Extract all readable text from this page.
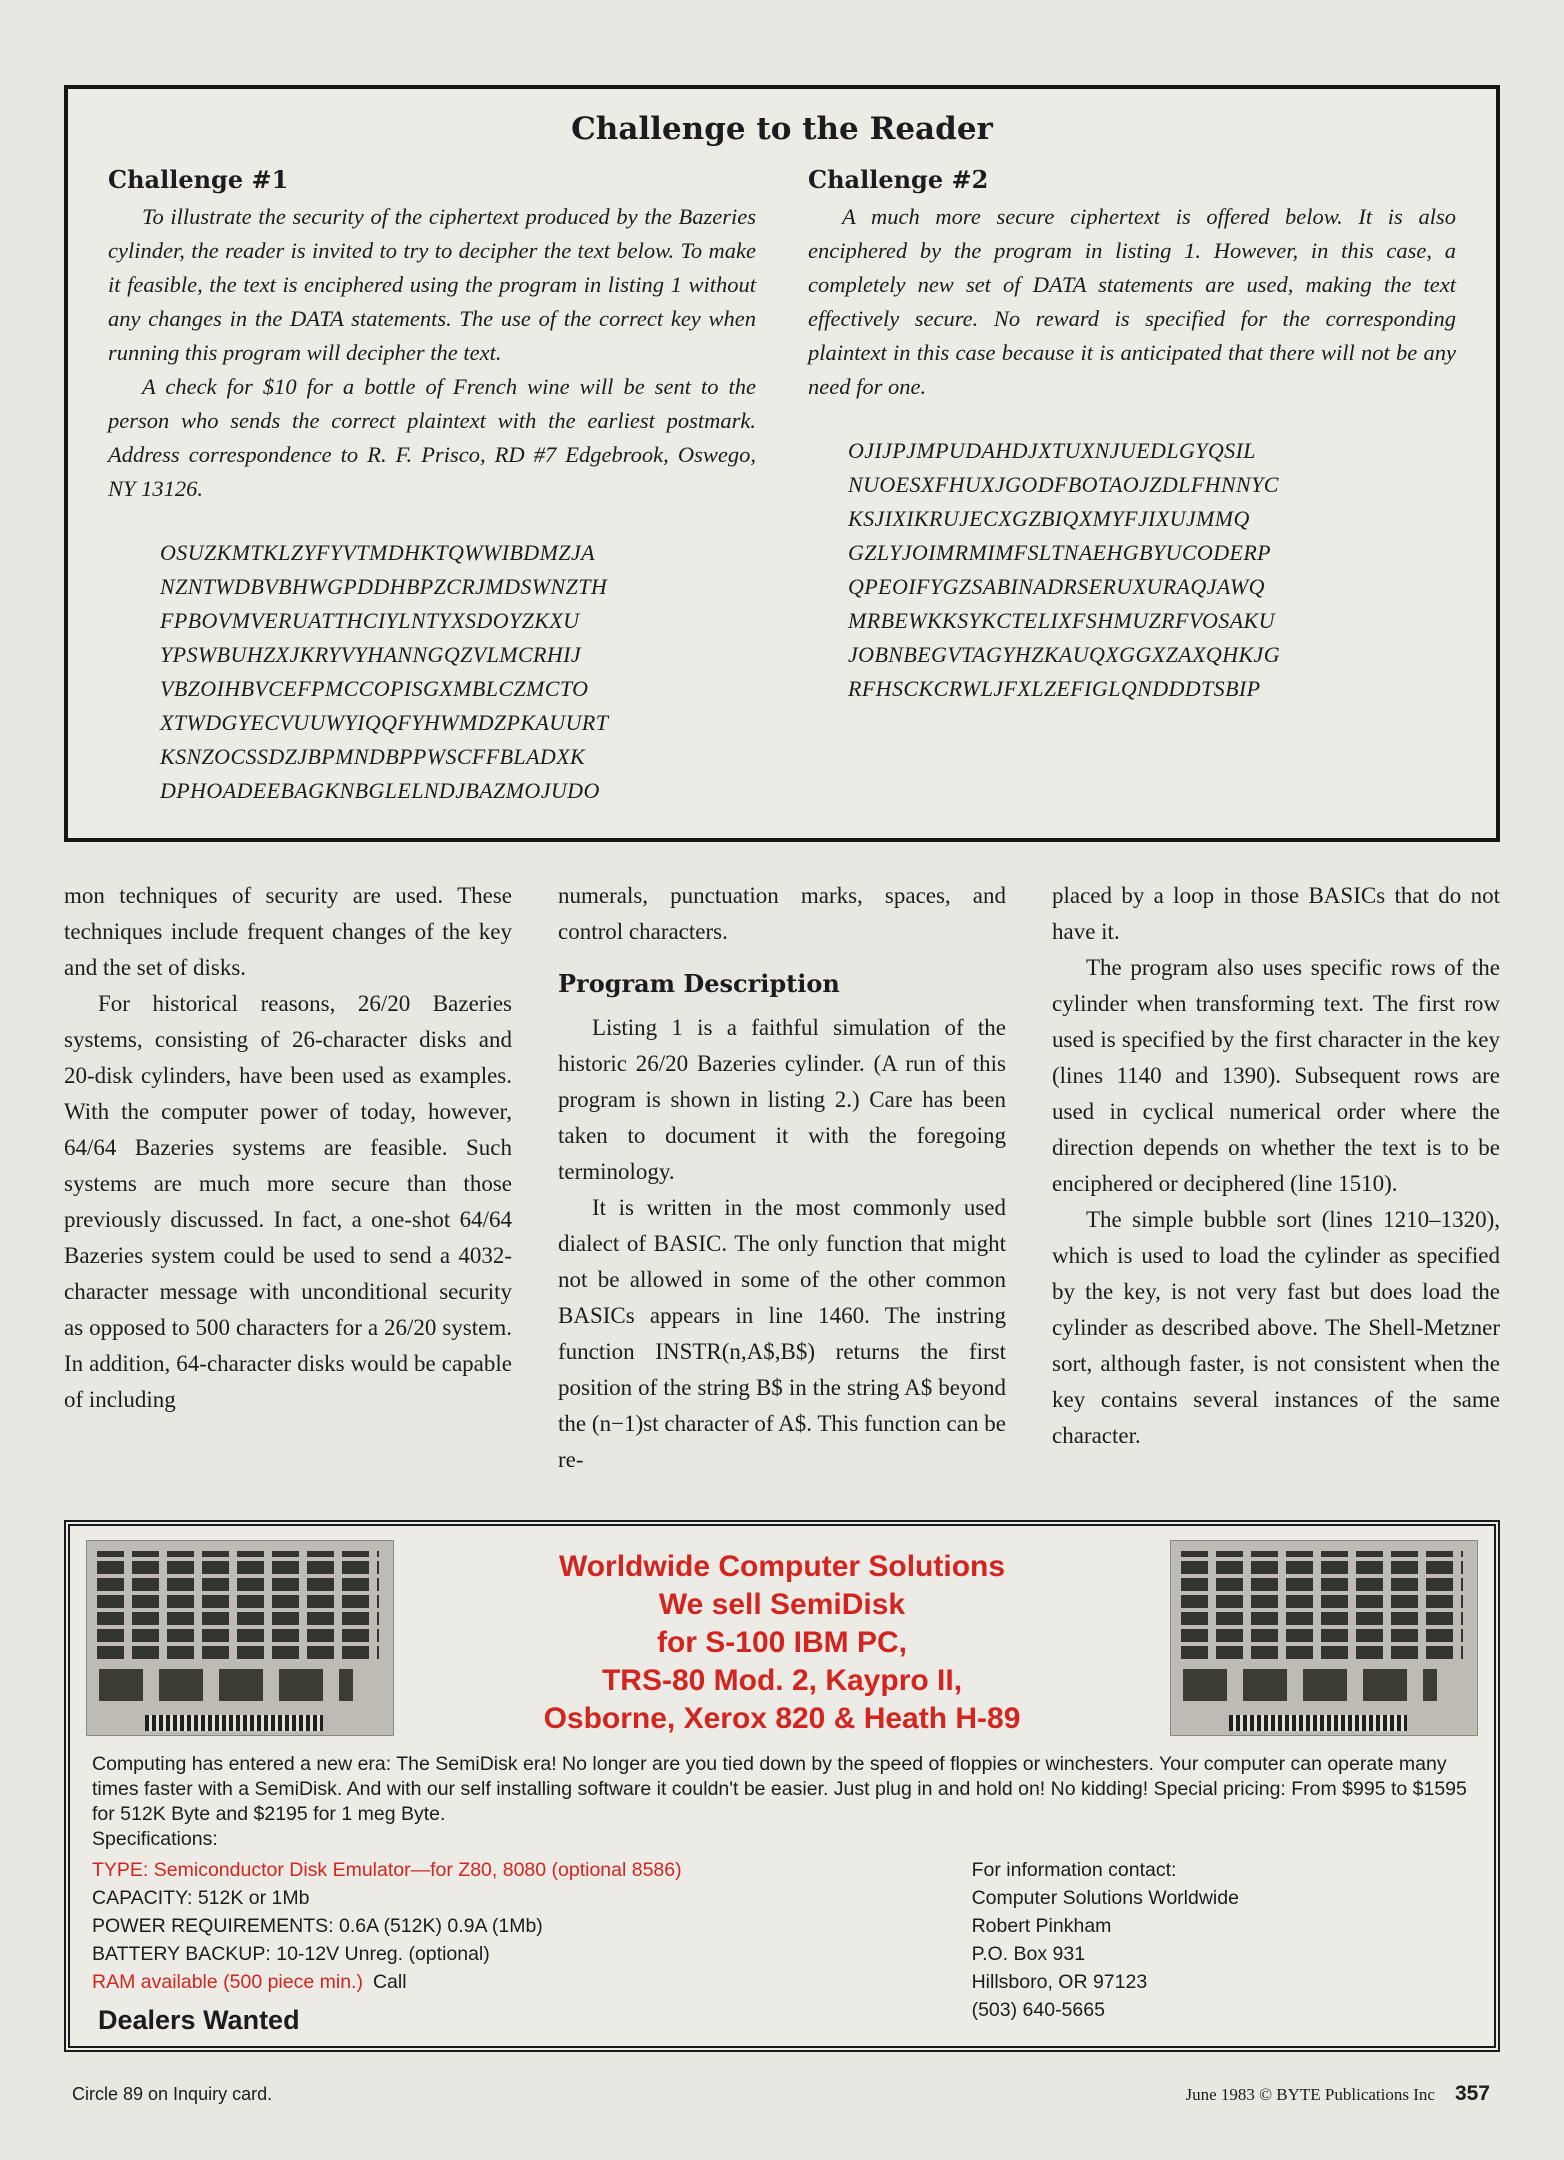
Challenge to the Reader
Challenge #1
To illustrate the security of the ciphertext produced by the Bazeries cylinder, the reader is invited to try to decipher the text below. To make it feasible, the text is enciphered using the program in listing 1 without any changes in the DATA statements. The use of the correct key when running this program will decipher the text.
A check for $10 for a bottle of French wine will be sent to the person who sends the correct plaintext with the earliest postmark. Address correspondence to R. F. Prisco, RD #7 Edgebrook, Oswego, NY 13126.
OSUZKMTKLZYFYVTMDHKTQWWIBDMZJA
NZNTWDBVBHWGPDDHBPZCRJMDSWNZTH
FPBOVMVERUATTHCIYLNTYXSDOYZKXU
YPSWBUHZXJKRYVYHANNGQZVLMCRHIJ
VBZOIHBVCEFPMCCOPISGXMBLCZMCTO
XTWDGYECVUUWYIQQFYHWMDZPKAUURT
KSNZOCSSDZJBPMNDBPPWSCFFBLADXK
DPHOADEEBAGKNBGLELNDJBAZMOJUDO
Challenge #2
A much more secure ciphertext is offered below. It is also enciphered by the program in listing 1. However, in this case, a completely new set of DATA statements are used, making the text effectively secure. No reward is specified for the corresponding plaintext in this case because it is anticipated that there will not be any need for one.
OJIJPJMPUDAHDJXTUXNJUEDLGYQSIL
NUOESXFHUXJGODFBOTAOJZDLFHNNYC
KSJIXIKRUJECXGZBIQXMYFJIXUJMMQ
GZLYJOIMRMIMFSLTNAEHGBYUCODERP
QPEOIFYGZSABINADRSERUXURAQJAWQ
MRBEWKKSYKCTELIXFSHMUZRFVOSAKU
JOBNBEGVTAGYHZKAUQXGGXZAXQHKJG
RFHSCKCRWLJFXLZEFIGLQNDDDTSBIP

mon techniques of security are used. These techniques include frequent changes of the key and the set of disks.

For historical reasons, 26/20 Bazeries systems, consisting of 26-character disks and 20-disk cylinders, have been used as examples. With the computer power of today, however, 64/64 Bazeries systems are feasible. Such systems are much more secure than those previously discussed. In fact, a one-shot 64/64 Bazeries system could be used to send a 4032-character message with unconditional security as opposed to 500 characters for a 26/20 system. In addition, 64-character disks would be capable of including

numerals, punctuation marks, spaces, and control characters.

Program Description

Listing 1 is a faithful simulation of the historic 26/20 Bazeries cylinder. (A run of this program is shown in listing 2.) Care has been taken to document it with the foregoing terminology.

It is written in the most commonly used dialect of BASIC. The only function that might not be allowed in some of the other common BASICs appears in line 1460. The instring function INSTR(n,A$,B$) returns the first position of the string B$ in the string A$ beyond the (n−1)st character of A$. This function can be re-

placed by a loop in those BASICs that do not have it.

The program also uses specific rows of the cylinder when transforming text. The first row used is specified by the first character in the key (lines 1140 and 1390). Subsequent rows are used in cyclical numerical order where the direction depends on whether the text is to be enciphered or deciphered (line 1510).

The simple bubble sort (lines 1210–1320), which is used to load the cylinder as specified by the key, is not very fast but does load the cylinder as described above. The Shell-Metzner sort, although faster, is not consistent when the key contains several instances of the same character.

Worldwide Computer Solutions
We sell SemiDisk
for S-100 IBM PC,
TRS-80 Mod. 2, Kaypro II,
Osborne, Xerox 820 & Heath H-89
Computing has entered a new era: The SemiDisk era! No longer are you tied down by the speed of floppies or winchesters. Your computer can operate many times faster with a SemiDisk. And with our self installing software it couldn't be easier. Just plug in and hold on! No kidding! Special pricing: From $995 to $1595 for 512K Byte and $2195 for 1 meg Byte.
Specifications:
TYPE: Semiconductor Disk Emulator—for Z80, 8080 (optional 8586)
CAPACITY: 512K or 1Mb
POWER REQUIREMENTS: 0.6A (512K) 0.9A (1Mb)
BATTERY BACKUP: 10-12V Unreg. (optional)
RAM available (500 piece min.) Call
Dealers Wanted
For information contact:
Computer Solutions Worldwide
Robert Pinkham
P.O. Box 931
Hillsboro, OR 97123
(503) 640-5665
Circle 89 on Inquiry card.	June 1983 © BYTE Publications Inc 357
